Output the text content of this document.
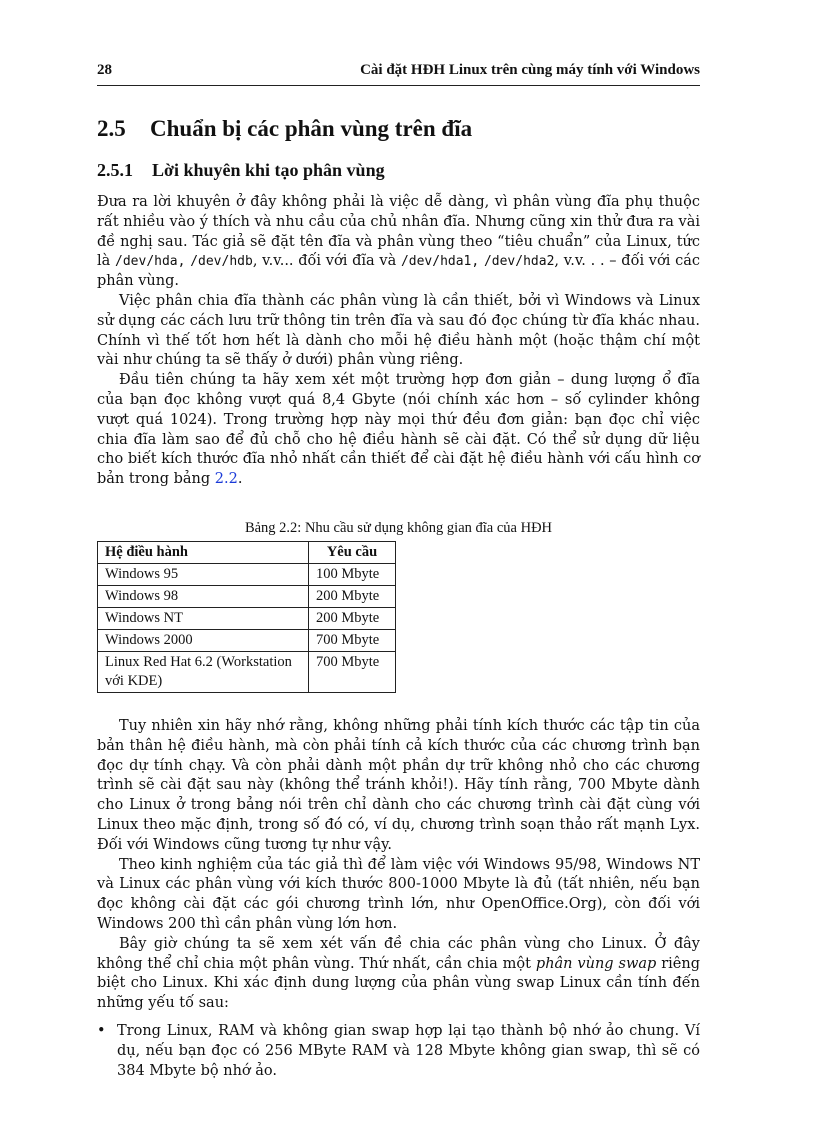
28	Cài đặt HĐH Linux trên cùng máy tính với Windows
2.5 Chuẩn bị các phân vùng trên đĩa
2.5.1 Lời khuyên khi tạo phân vùng

Đưa ra lời khuyên ở đây không phải là việc dễ dàng, vì phân vùng đĩa phụ thuộc rất nhiều vào ý thích và nhu cầu của chủ nhân đĩa. Nhưng cũng xin thử đưa ra vài đề nghị sau. Tác giả sẽ đặt tên đĩa và phân vùng theo “tiêu chuẩn” của Linux, tức là /dev/hda, /dev/hdb, v.v... đối với đĩa và /dev/hda1, /dev/hda2, v.v. . . – đối với các phân vùng.

Việc phân chia đĩa thành các phân vùng là cần thiết, bởi vì Windows và Linux sử dụng các cách lưu trữ thông tin trên đĩa và sau đó đọc chúng từ đĩa khác nhau. Chính vì thế tốt hơn hết là dành cho mỗi hệ điều hành một (hoặc thậm chí một vài như chúng ta sẽ thấy ở dưới) phân vùng riêng.

Đầu tiên chúng ta hãy xem xét một trường hợp đơn giản – dung lượng ổ đĩa của bạn đọc không vượt quá 8,4 Gbyte (nói chính xác hơn – số cylinder không vượt quá 1024). Trong trường hợp này mọi thứ đều đơn giản: bạn đọc chỉ việc chia đĩa làm sao để đủ chỗ cho hệ điều hành sẽ cài đặt. Có thể sử dụng dữ liệu cho biết kích thước đĩa nhỏ nhất cần thiết để cài đặt hệ điều hành với cấu hình cơ bản trong bảng 2.2.

Bảng 2.2: Nhu cầu sử dụng không gian đĩa của HĐH
Hệ điều hành	Yêu cầu
Windows 95	100 Mbyte
Windows 98	200 Mbyte
Windows NT	200 Mbyte
Windows 2000	700 Mbyte
Linux Red Hat 6.2 (Workstation với KDE)	700 Mbyte

Tuy nhiên xin hãy nhớ rằng, không những phải tính kích thước các tập tin của bản thân hệ điều hành, mà còn phải tính cả kích thước của các chương trình bạn đọc dự tính chạy. Và còn phải dành một phần dự trữ không nhỏ cho các chương trình sẽ cài đặt sau này (không thể tránh khỏi!). Hãy tính rằng, 700 Mbyte dành cho Linux ở trong bảng nói trên chỉ dành cho các chương trình cài đặt cùng với Linux theo mặc định, trong số đó có, ví dụ, chương trình soạn thảo rất mạnh Lyx. Đối với Windows cũng tương tự như vậy.

Theo kinh nghiệm của tác giả thì để làm việc với Windows 95/98, Windows NT và Linux các phân vùng với kích thước 800-1000 Mbyte là đủ (tất nhiên, nếu bạn đọc không cài đặt các gói chương trình lớn, như OpenOffice.Org), còn đối với Windows 200 thì cần phân vùng lớn hơn.

Bây giờ chúng ta sẽ xem xét vấn đề chia các phân vùng cho Linux. Ở đây không thể chỉ chia một phân vùng. Thứ nhất, cần chia một phân vùng swap riêng biệt cho Linux. Khi xác định dung lượng của phân vùng swap Linux cần tính đến những yếu tố sau:

• Trong Linux, RAM và không gian swap hợp lại tạo thành bộ nhớ ảo chung. Ví dụ, nếu bạn đọc có 256 MByte RAM và 128 Mbyte không gian swap, thì sẽ có 384 Mbyte bộ nhớ ảo.
